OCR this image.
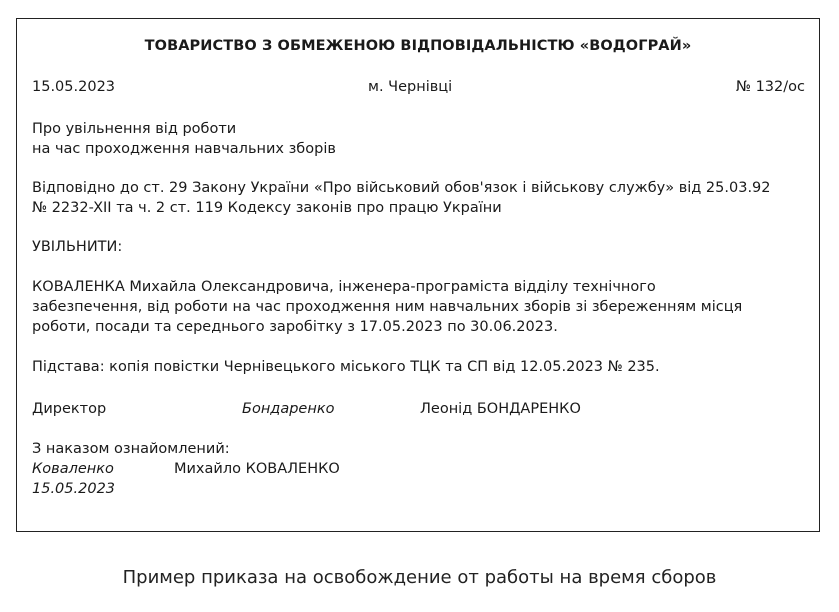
ТОВАРИСТВО З ОБМЕЖЕНОЮ ВІДПОВІДАЛЬНІСТЮ «ВОДОГРАЙ»
15.05.2023	м. Чернівці	№ 132/ос

Про увільнення від роботи

на час проходження навчальних зборів

Відповідно до ст. 29 Закону України «Про військовий обов'язок і військову службу» від 25.03.92

№ 2232-XII та ч. 2 ст. 119 Кодексу законів про працю України

УВІЛЬНИТИ:

КОВАЛЕНКА Михайла Олександровича, інженера-програміста відділу технічного

забезпечення, від роботи на час проходження ним навчальних зборів зі збереженням місця

роботи, посади та середнього заробітку з 17.05.2023 по 30.06.2023.

Підстава: копія повістки Чернівецького міського ТЦК та СП від 12.05.2023 № 235.

Директор	Бондаренко	Леонід БОНДАРЕНКО
З наказом ознайомлений:
Коваленко	Михайло КОВАЛЕНКО
15.05.2023
Пример приказа на освобождение от работы на время сборов
